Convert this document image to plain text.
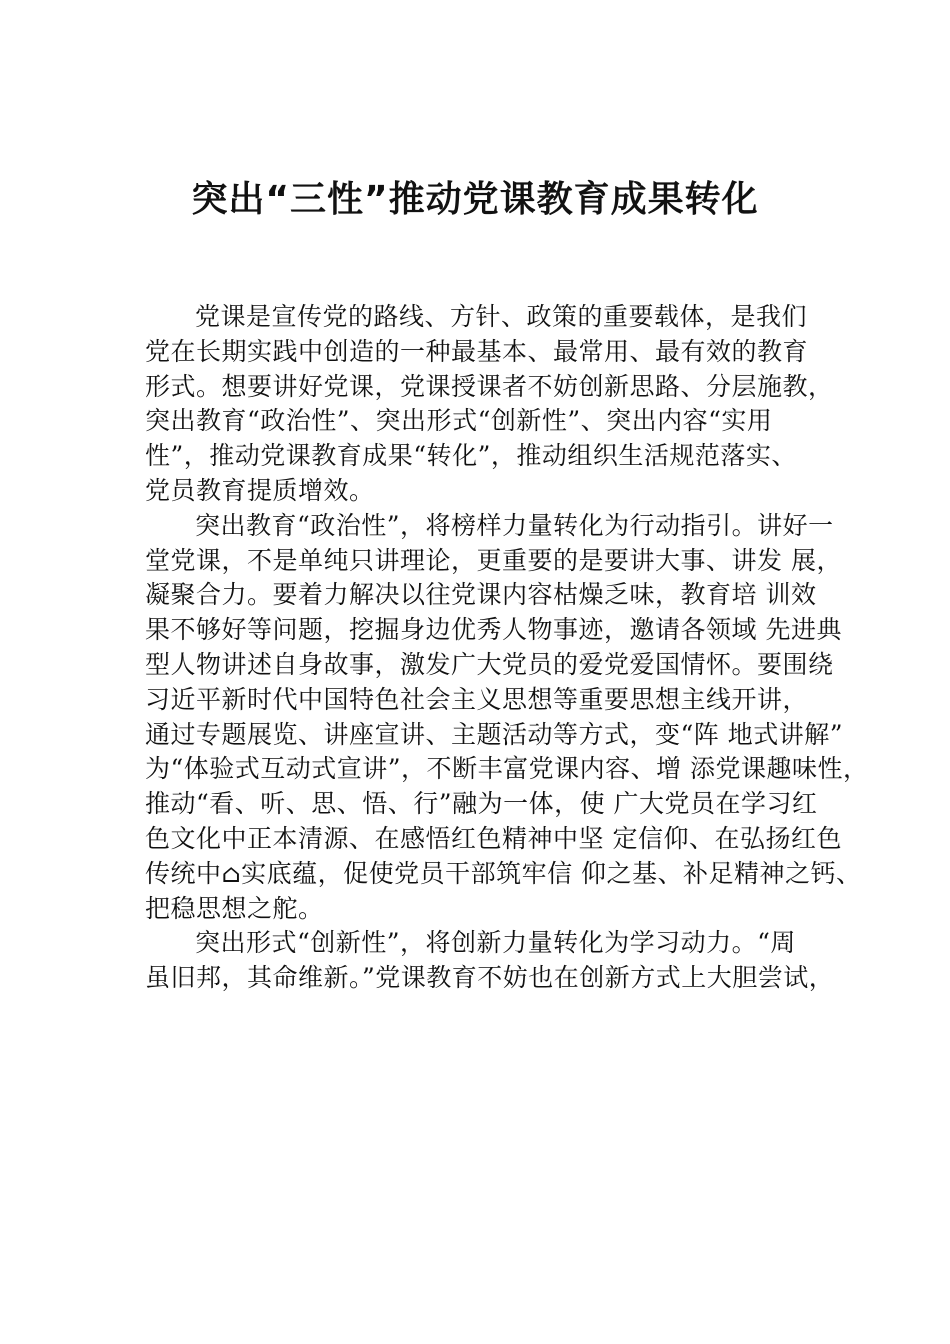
突出“三性”推动党课教育成果转化
党课是宣传党的路线、方针、政策的重要载体，是我们
党在长期实践中创造的一种最基本、最常用、最有效的教育
形式。想要讲好党课，党课授课者不妨创新思路、分层施教，
突出教育“政治性”、突出形式“创新性”、突出内容“实用
性”，推动党课教育成果“转化”，推动组织生活规范落实、
党员教育提质增效。
突出教育“政治性”，将榜样力量转化为行动指引。讲好一
堂党课，不是单纯只讲理论，更重要的是要讲大事、讲发 展，
凝聚合力。要着力解决以往党课内容枯燥乏味，教育培 训效
果不够好等问题，挖掘身边优秀人物事迹，邀请各领域 先进典
型人物讲述自身故事，激发广大党员的爱党爱国情怀。要围绕
习近平新时代中国特色社会主义思想等重要思想主线开讲，
通过专题展览、讲座宣讲、主题活动等方式，变“阵 地式讲解”
为“体验式互动式宣讲”，不断丰富党课内容、增 添党课趣味性，
推动“看、听、思、悟、行”融为一体，使 广大党员在学习红
色文化中正本清源、在感悟红色精神中坚 定信仰、在弘扬红色
传统中⌂实底蕴，促使党员干部筑牢信 仰之基、补足精神之钙、
把稳思想之舵。
突出形式“创新性”，将创新力量转化为学习动力。“周
虽旧邦，其命维新。”党课教育不妨也在创新方式上大胆尝试，
